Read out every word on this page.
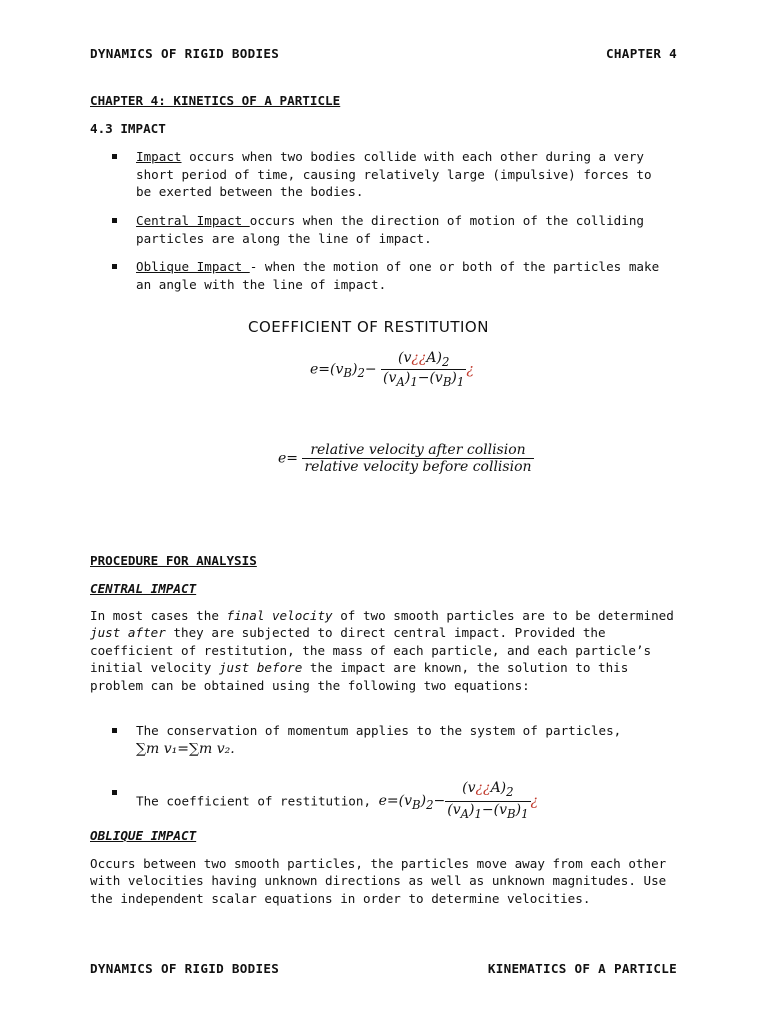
DYNAMICS OF RIGID BODIES	CHAPTER 4
CHAPTER 4: KINETICS OF A PARTICLE
4.3 IMPACT
Impact occurs when two bodies collide with each other during a very short period of time, causing relatively large (impulsive) forces to be exerted between the bodies.
Central Impact occurs when the direction of motion of the colliding particles are along the line of impact.
Oblique Impact - when the motion of one or both of the particles make an angle with the line of impact.
COEFFICIENT OF RESTITUTION
$e=(v_B)_2- \frac{(v¿¿A)_2}{(v_A)_1-(v_B)_1}$ ¿
$e= \frac{\text{relative velocity after collision}}{\text{relative velocity before collision}}$
PROCEDURE FOR ANALYSIS
CENTRAL IMPACT
In most cases the final velocity of two smooth particles are to be determined just after they are subjected to direct central impact. Provided the coefficient of restitution, the mass of each particle, and each particle’s initial velocity just before the impact are known, the solution to this problem can be obtained using the following two equations:
The conservation of momentum applies to the system of particles,
∑m v₁=∑m v₂.
The coefficient of restitution, $e=(v_B)_2- \frac{(v¿¿A)_2}{(v_A)_1-(v_B)_1}$ ¿
OBLIQUE IMPACT
Occurs between two smooth particles, the particles move away from each other with velocities having unknown directions as well as unknown magnitudes. Use the independent scalar equations in order to determine velocities.
DYNAMICS OF RIGID BODIES	KINEMATICS OF A PARTICLE
